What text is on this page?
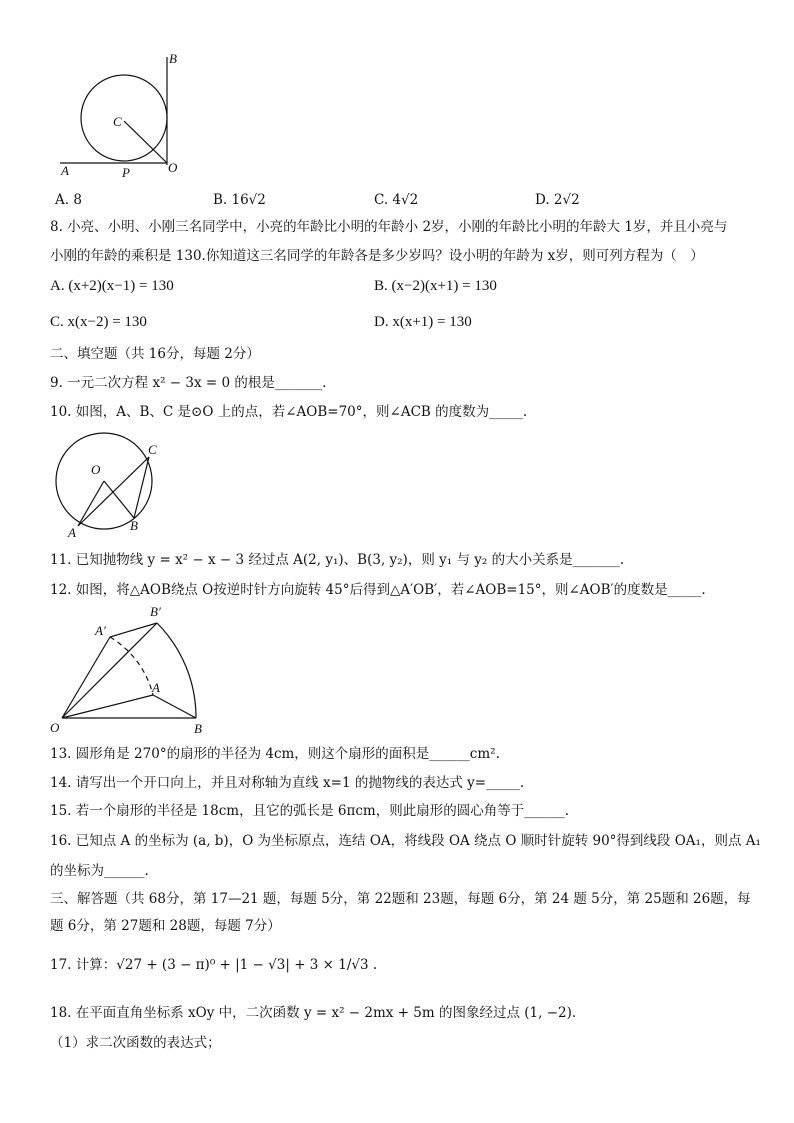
B
C
A	P	O
A. 8	B. 16√2	C. 4√2	D. 2√2
8. 小亮、小明、小刚三名同学中，小亮的年龄比小明的年龄小 2岁，小刚的年龄比小明的年龄大 1岁，并且小亮与
小刚的年龄的乘积是 130.你知道这三名同学的年龄各是多少岁吗？设小明的年龄为 x岁，则可列方程为（　）
A. (x+2)(x−1) = 130	B. (x−2)(x+1) = 130
C. x(x−2) = 130	D. x(x+1) = 130
二、填空题（共 16分，每题 2分）
9. 一元二次方程 x² − 3x = 0 的根是_______.
10. 如图，A、B、C 是⊙O 上的点，若∠AOB=70°，则∠ACB 的度数为_____.
O
C
A	B
11. 已知抛物线 y = x² − x − 3 经过点 A(2, y₁)、B(3, y₂)，则 y₁ 与 y₂ 的大小关系是_______.
12. 如图，将△AOB绕点 O按逆时针方向旋转 45°后得到△A′OB′，若∠AOB=15°，则∠AOB′的度数是_____.
B′
A′
A
O	B
13. 圆形角是 270°的扇形的半径为 4cm，则这个扇形的面积是______cm².
14. 请写出一个开口向上，并且对称轴为直线 x=1 的抛物线的表达式 y=_____.
15. 若一个扇形的半径是 18cm，且它的弧长是 6πcm，则此扇形的圆心角等于______.
16. 已知点 A 的坐标为 (a, b)，O 为坐标原点，连结 OA，将线段 OA 绕点 O 顺时针旋转 90°得到线段 OA₁，则点 A₁
的坐标为______.
三、解答题（共 68分，第 17—21 题，每题 5分，第 22题和 23题，每题 6分，第 24 题 5分，第 25题和 26题，每
题 6分，第 27题和 28题，每题 7分）
17. 计算：√27 + (3 − π)⁰ + |1 − √3| + 3 × 1/√3 .
18. 在平面直角坐标系 xOy 中，二次函数 y = x² − 2mx + 5m 的图象经过点 (1, −2).
（1）求二次函数的表达式；
